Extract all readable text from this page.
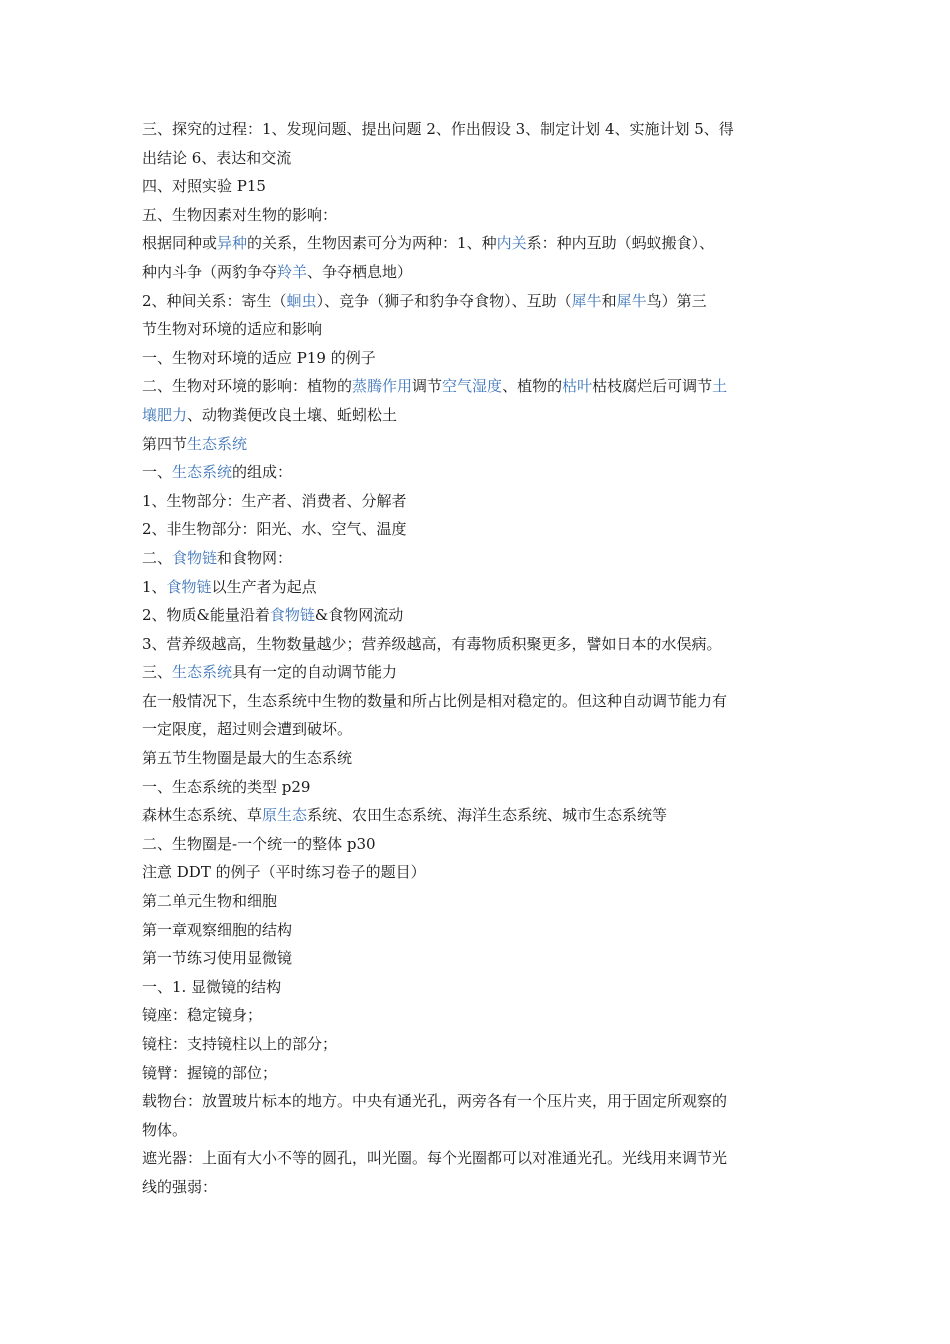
三、探究的过程：1、发现问题、提出问题 2、作出假设 3、制定计划 4、实施计划 5、得
出结论 6、表达和交流
四、对照实验 P15
五、生物因素对生物的影响：
根据同种或异种的关系，生物因素可分为两种：1、种内关系：种内互助（蚂蚁搬食）、
种内斗争（两豹争夺羚羊、争夺栖息地）
2、种间关系：寄生（蛔虫）、竞争（狮子和豹争夺食物）、互助（犀牛和犀牛鸟）第三
节生物对环境的适应和影响
一、生物对环境的适应 P19 的例子
二、生物对环境的影响：植物的蒸腾作用调节空气湿度、植物的枯叶枯枝腐烂后可调节土
壤肥力、动物粪便改良土壤、蚯蚓松土
第四节生态系统
一、生态系统的组成：
1、生物部分：生产者、消费者、分解者
2、非生物部分：阳光、水、空气、温度
二、食物链和食物网：
1、食物链以生产者为起点
2、物质&能量沿着食物链&食物网流动
3、营养级越高，生物数量越少；营养级越高，有毒物质积聚更多，譬如日本的水俣病。
三、生态系统具有一定的自动调节能力
在一般情况下，生态系统中生物的数量和所占比例是相对稳定的。但这种自动调节能力有
一定限度，超过则会遭到破坏。
第五节生物圈是最大的生态系统
一、生态系统的类型 p29
森林生态系统、草原生态系统、农田生态系统、海洋生态系统、城市生态系统等
二、生物圈是-一个统一的整体 p30
注意 DDT 的例子（平时练习卷子的题目）
第二单元生物和细胞
第一章观察细胞的结构
第一节练习使用显微镜
一、1. 显微镜的结构
镜座：稳定镜身；
镜柱：支持镜柱以上的部分；
镜臂：握镜的部位；
载物台：放置玻片标本的地方。中央有通光孔，两旁各有一个压片夹，用于固定所观察的
物体。
遮光器：上面有大小不等的圆孔，叫光圈。每个光圈都可以对准通光孔。光线用来调节光
线的强弱：
